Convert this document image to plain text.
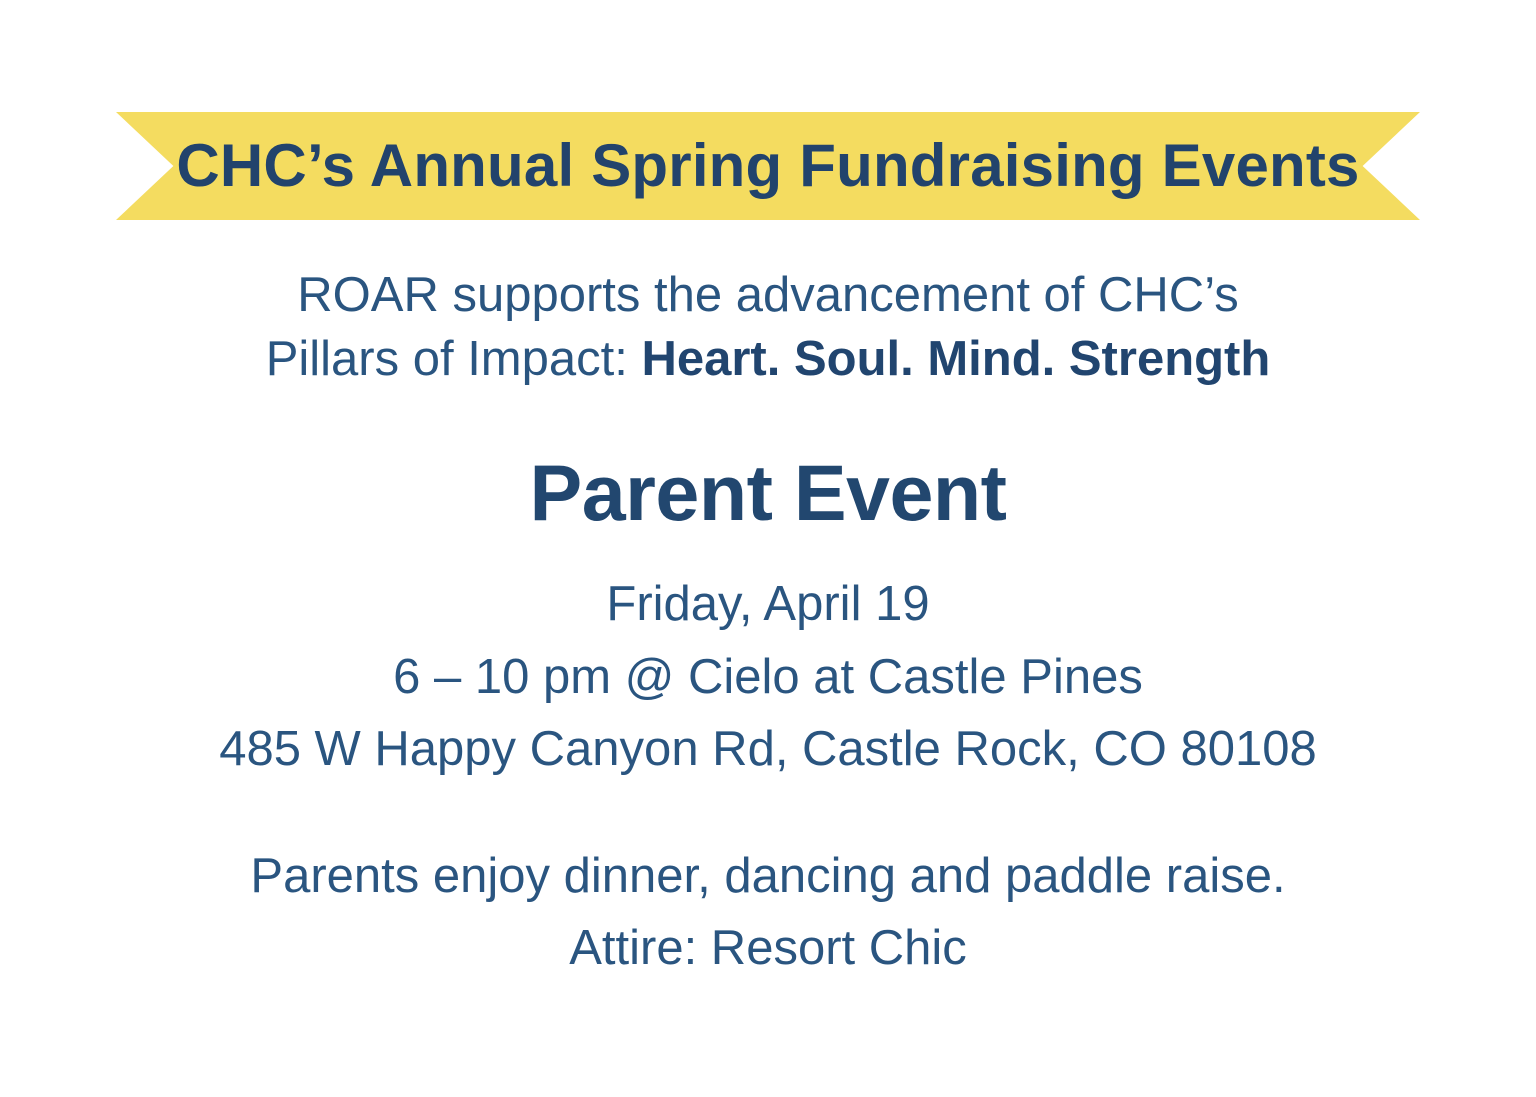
CHC’s Annual Spring Fundraising Events
ROAR supports the advancement of CHC’s
Pillars of Impact: Heart. Soul. Mind. Strength
Parent Event
Friday, April 19
6 – 10 pm @ Cielo at Castle Pines
485 W Happy Canyon Rd, Castle Rock, CO 80108
Parents enjoy dinner, dancing and paddle raise.
Attire: Resort Chic
